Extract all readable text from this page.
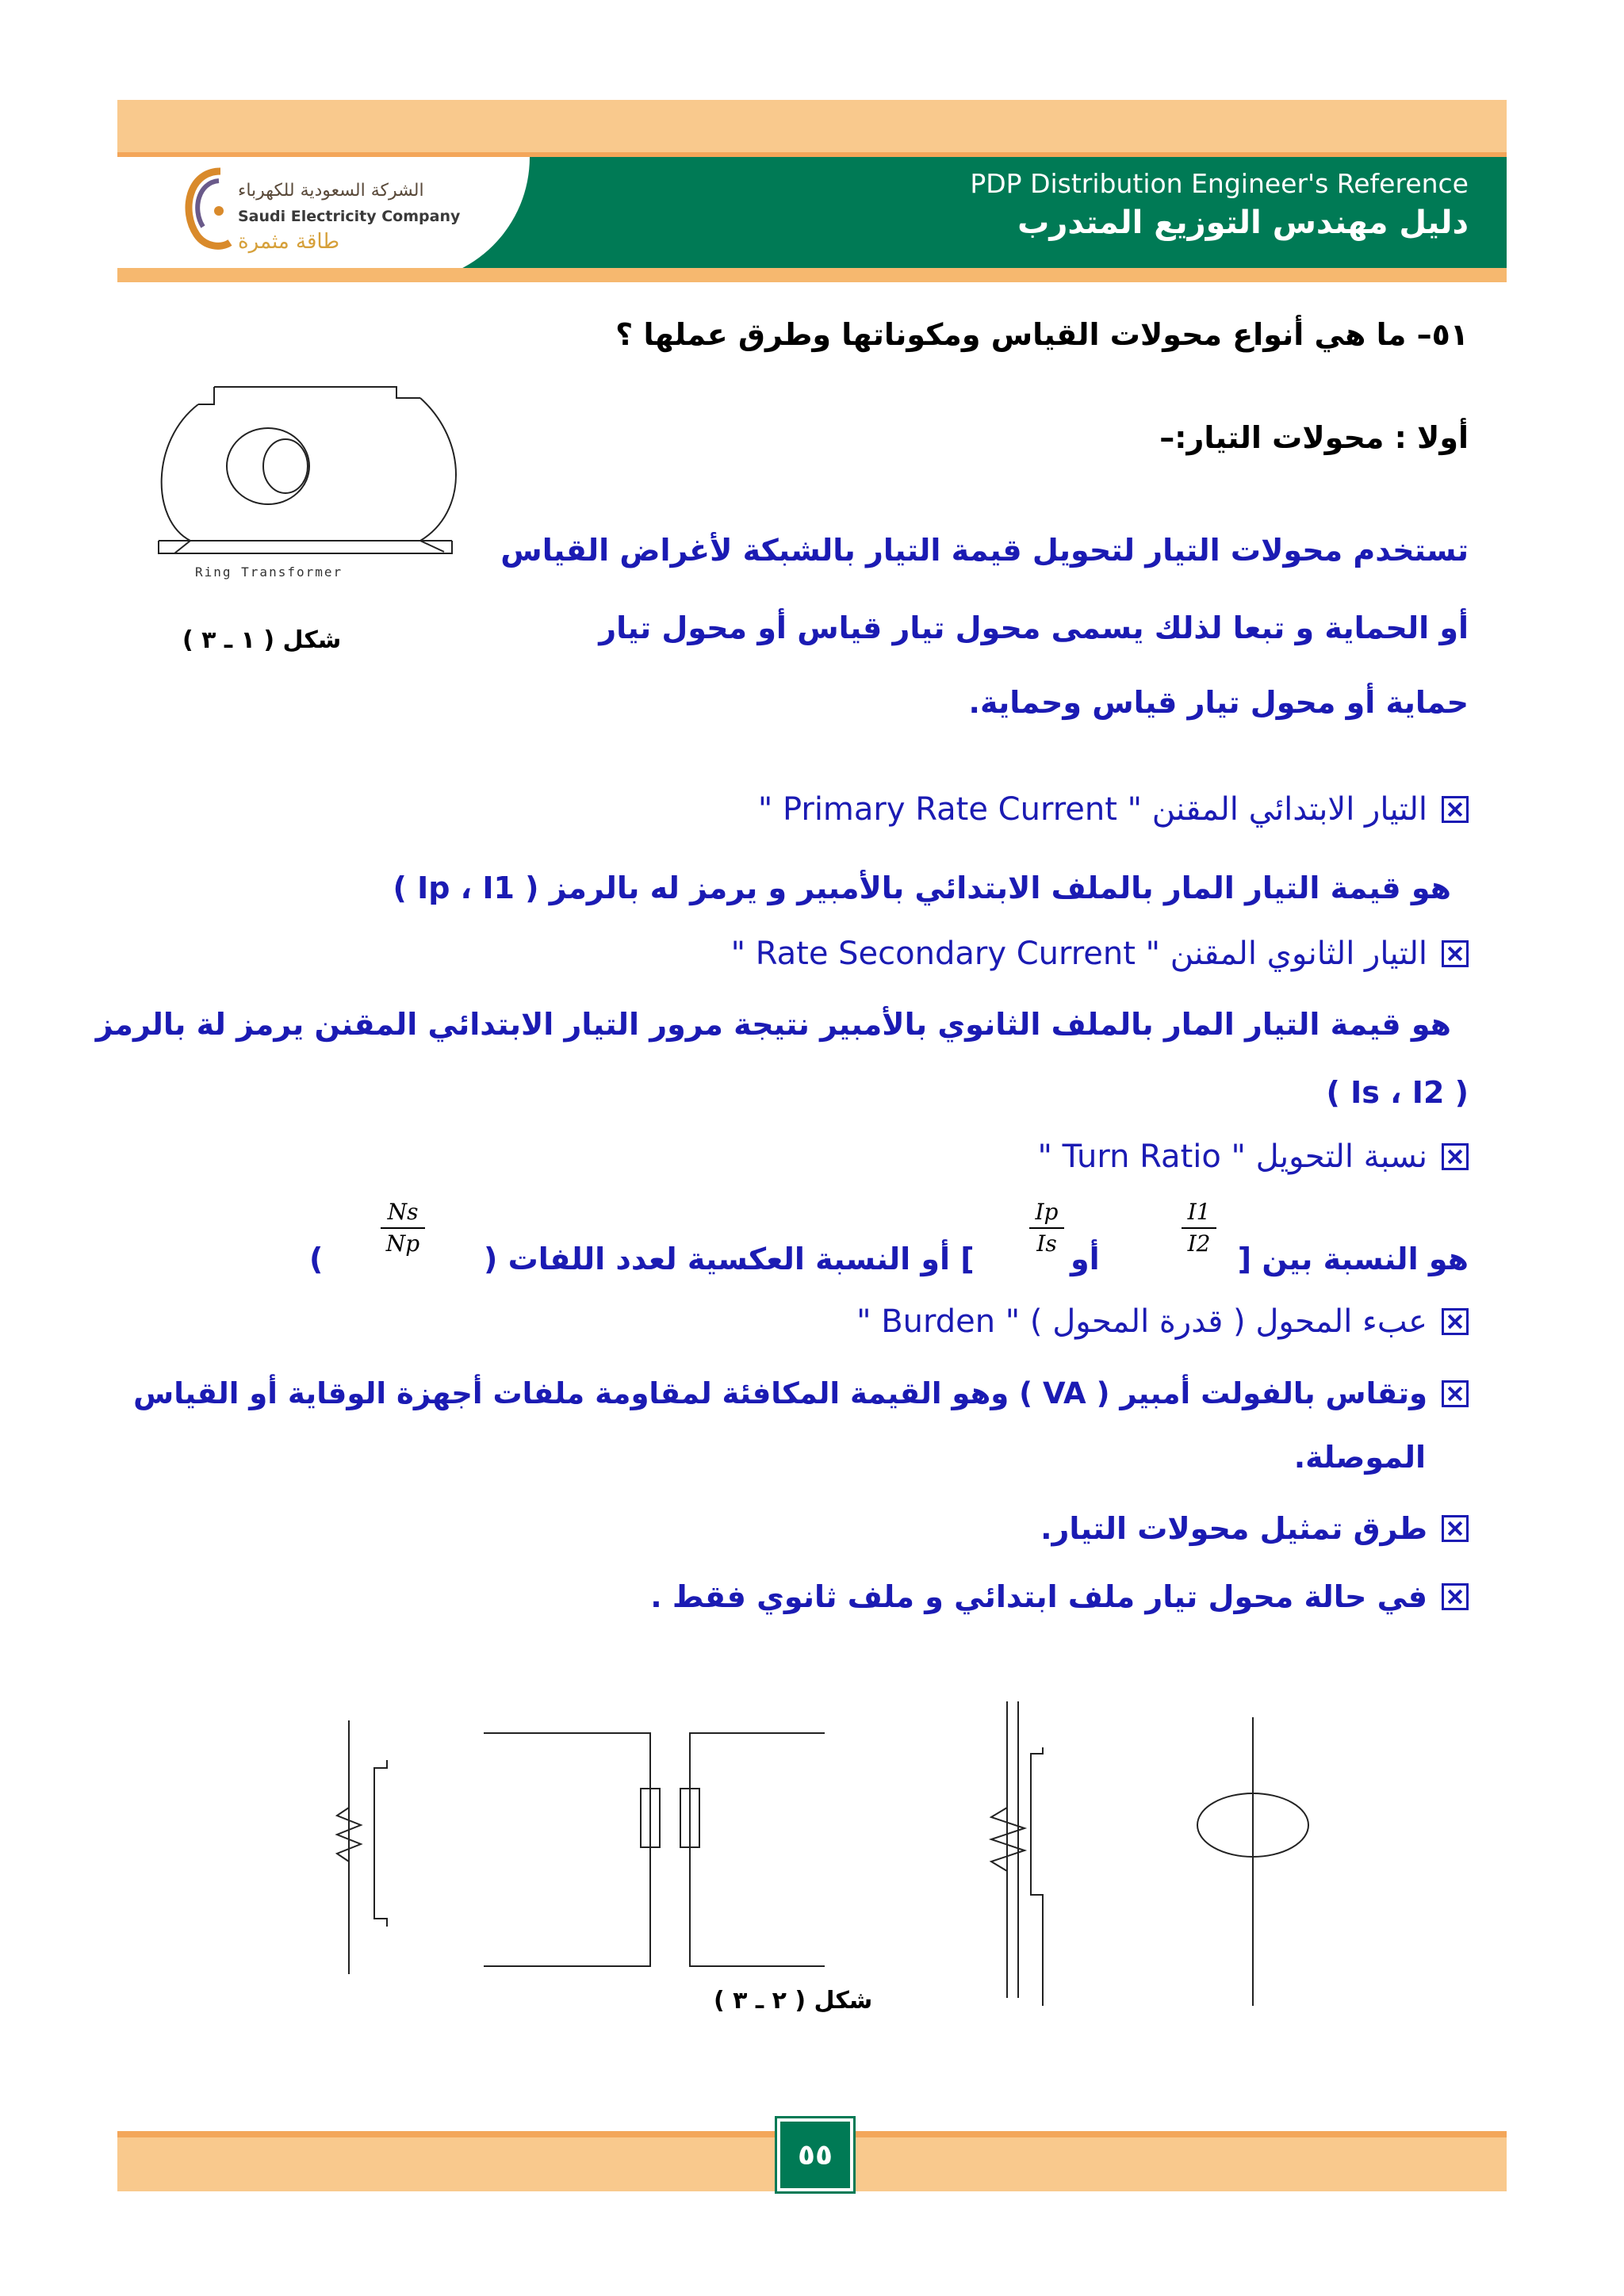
الشركة السعودية للكهرباء
Saudi Electricity Company
طاقة مثمرة
PDP Distribution Engineer's Reference
دليل مهندس التوزيع المتدرب
Ring Transformer
شكل ( ١ ـ ٣ )
٥١– ما هي أنواع محولات القياس ومكوناتها وطرق عملها ؟
أولا : محولات التيار:–
تستخدم محولات التيار لتحويل قيمة التيار بالشبكة لأغراض القياس
أو الحماية و تبعا لذلك يسمى محول تيار قياس أو محول تيار
حماية أو محول تيار قياس وحماية.
التيار الابتدائي المقنن " Primary Rate Current "
هو قيمة التيار المار بالملف الابتدائي بالأمبير و يرمز له بالرمز ( Ip ، I1 )
التيار الثانوي المقنن " Rate Secondary Current "
هو قيمة التيار المار بالملف الثانوي بالأمبير نتيجة مرور التيار الابتدائي المقنن يرمز لة بالرمز
( Is ، I2 )
نسبة التحويل " Turn Ratio "
هو النسبة بين [
I1
I2
أو
Ip
Is
] أو النسبة العكسية لعدد اللفات (
Ns
Np
)
عبء المحول ( قدرة المحول ) " Burden "
وتقاس بالفولت أمبير ( VA ) وهو القيمة المكافئة لمقاومة ملفات أجهزة الوقاية أو القياس
الموصلة.
طرق تمثيل محولات التيار.
في حالة محول تيار ملف ابتدائي و ملف ثانوي فقط .
شكل ( ٢ ـ ٣ )
٥٥
